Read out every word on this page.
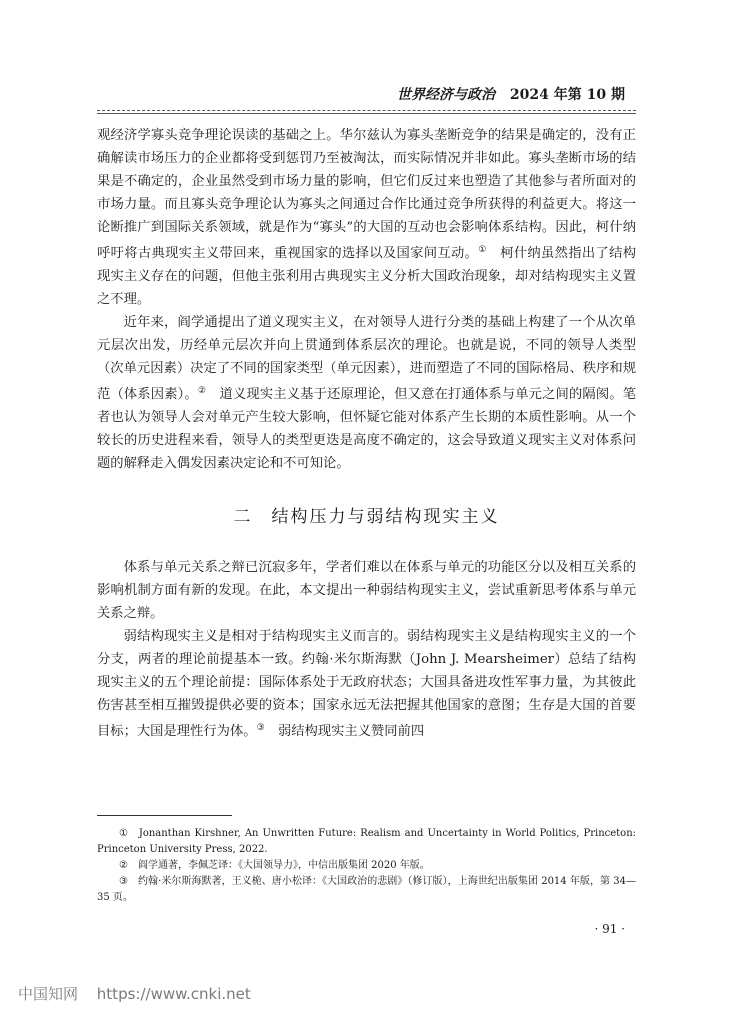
世界经济与政治 2024 年第 10 期

观经济学寡头竞争理论误读的基础之上。华尔兹认为寡头垄断竞争的结果是确定的，没有正确解读市场压力的企业都将受到惩罚乃至被淘汰，而实际情况并非如此。寡头垄断市场的结果是不确定的，企业虽然受到市场力量的影响，但它们反过来也塑造了其他参与者所面对的市场力量。而且寡头竞争理论认为寡头之间通过合作比通过竞争所获得的利益更大。将这一论断推广到国际关系领域，就是作为“寡头”的大国的互动也会影响体系结构。因此，柯什纳呼吁将古典现实主义带回来，重视国家的选择以及国家间互动。①　 柯什纳虽然指出了结构现实主义存在的问题，但他主张利用古典现实主义分析大国政治现象，却对结构现实主义置之不理。

近年来，阎学通提出了道义现实主义，在对领导人进行分类的基础上构建了一个从次单元层次出发，历经单元层次并向上贯通到体系层次的理论。也就是说，不同的领导人类型（次单元因素）决定了不同的国家类型（单元因素），进而塑造了不同的国际格局、秩序和规范（体系因素）。②　 道义现实主义基于还原理论，但又意在打通体系与单元之间的隔阂。笔者也认为领导人会对单元产生较大影响，但怀疑它能对体系产生长期的本质性影响。从一个较长的历史进程来看，领导人的类型更迭是高度不确定的，这会导致道义现实主义对体系问题的解释走入偶发因素决定论和不可知论。

二　结构压力与弱结构现实主义

体系与单元关系之辩已沉寂多年，学者们难以在体系与单元的功能区分以及相互关系的影响机制方面有新的发现。在此，本文提出一种弱结构现实主义，尝试重新思考体系与单元关系之辩。

弱结构现实主义是相对于结构现实主义而言的。弱结构现实主义是结构现实主义的一个分支，两者的理论前提基本一致。约翰·米尔斯海默（John J. Mearsheimer）总结了结构现实主义的五个理论前提：国际体系处于无政府状态；大国具备进攻性军事力量，为其彼此伤害甚至相互摧毁提供必要的资本；国家永远无法把握其他国家的意图；生存是大国的首要目标；大国是理性行为体。③　 弱结构现实主义赞同前四

① Jonanthan Kirshner, An Unwritten Future: Realism and Uncertainty in World Politics, Princeton: Princeton University Press, 2022.

② 阎学通著，李佩芝译：《大国领导力》，中信出版集团 2020 年版。

③ 约翰·米尔斯海默著，王义桅、唐小松译：《大国政治的悲剧》（修订版），上海世纪出版集团 2014 年版，第 34—35 页。

· 91 ·
中国知网 https://www.cnki.net
